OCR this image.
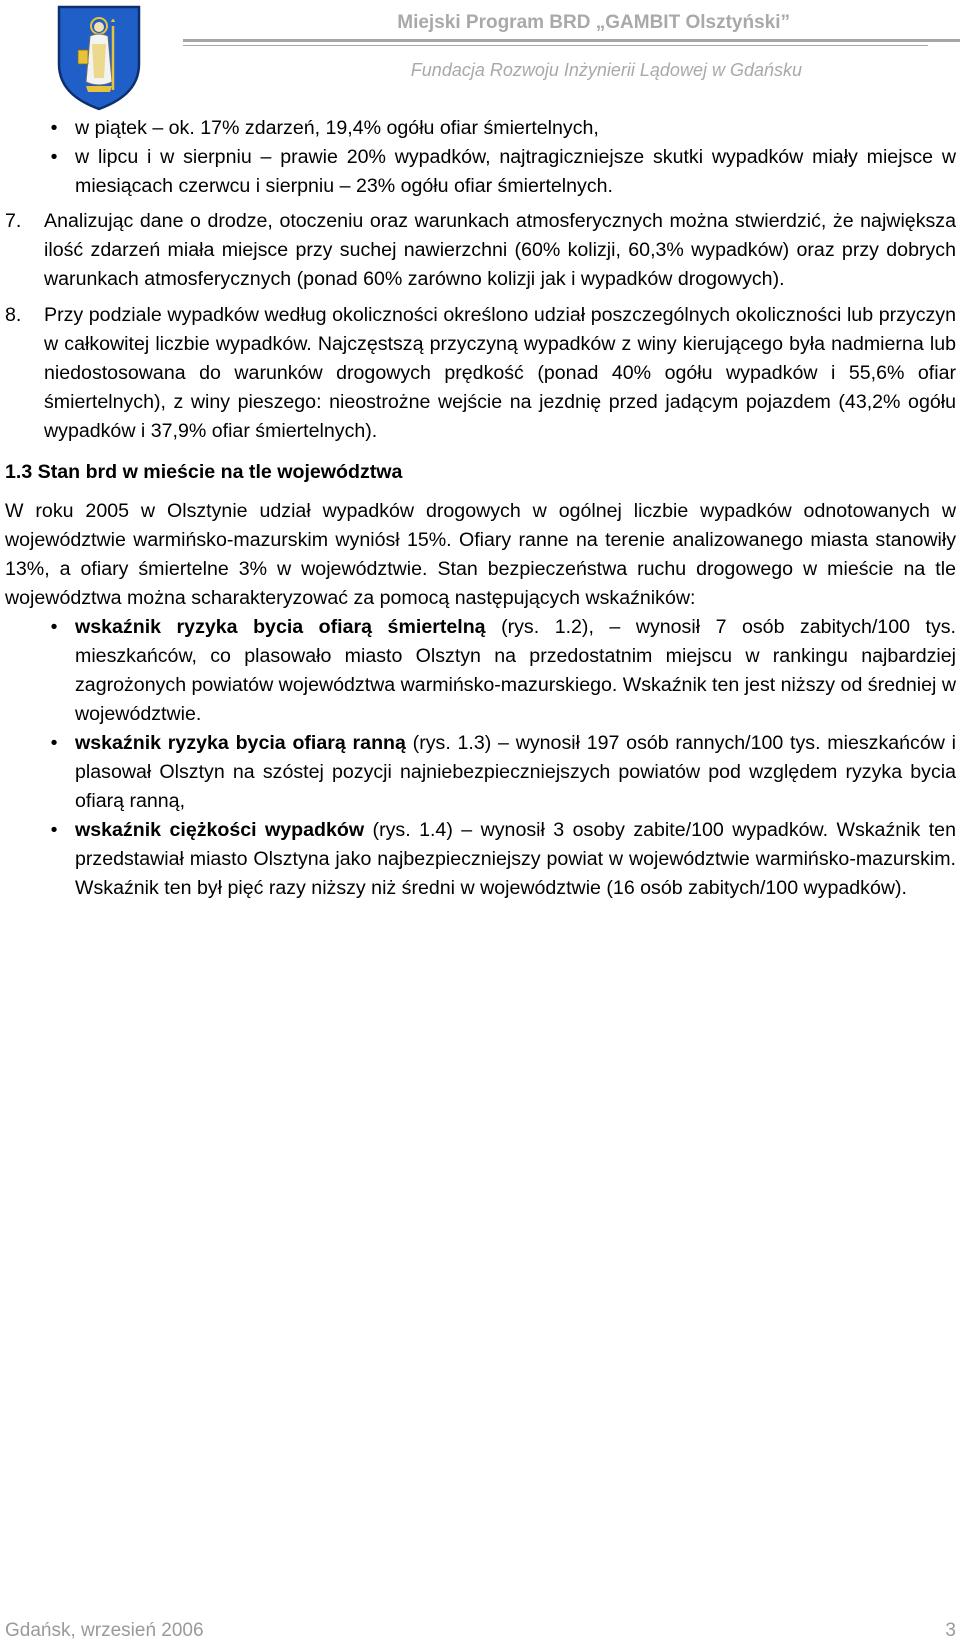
Miejski Program BRD „GAMBIT Olsztyński”
Fundacja Rozwoju Inżynierii Lądowej w Gdańsku
• w piątek – ok. 17% zdarzeń, 19,4% ogółu ofiar śmiertelnych,
• w lipcu i w sierpniu – prawie 20% wypadków, najtragiczniejsze skutki wypadków miały miejsce w miesiącach czerwcu i sierpniu – 23% ogółu ofiar śmiertelnych.
7. Analizując dane o drodze, otoczeniu oraz warunkach atmosferycznych można stwierdzić, że największa ilość zdarzeń miała miejsce przy suchej nawierzchni (60% kolizji, 60,3% wypadków) oraz przy dobrych warunkach atmosferycznych (ponad 60% zarówno kolizji jak i wypadków drogowych).
8. Przy podziale wypadków według okoliczności określono udział poszczególnych okoliczności lub przyczyn w całkowitej liczbie wypadków. Najczęstszą przyczyną wypadków z winy kierującego była nadmierna lub niedostosowana do warunków drogowych prędkość (ponad 40% ogółu wypadków i 55,6% ofiar śmiertelnych), z winy pieszego: nieostrożne wejście na jezdnię przed jadącym pojazdem (43,2% ogółu wypadków i 37,9% ofiar śmiertelnych).
1.3 Stan brd w mieście na tle województwa

W roku 2005 w Olsztynie udział wypadków drogowych w ogólnej liczbie wypadków odnotowanych w województwie warmińsko-mazurskim wyniósł 15%. Ofiary ranne na terenie analizowanego miasta stanowiły 13%, a ofiary śmiertelne 3% w województwie. Stan bezpieczeństwa ruchu drogowego w mieście na tle województwa można scharakteryzować za pomocą następujących wskaźników:

• wskaźnik ryzyka bycia ofiarą śmiertelną (rys. 1.2), – wynosił 7 osób zabitych/100 tys. mieszkańców, co plasowało miasto Olsztyn na przedostatnim miejscu w rankingu najbardziej zagrożonych powiatów województwa warmińsko-mazurskiego. Wskaźnik ten jest niższy od średniej w województwie.
• wskaźnik ryzyka bycia ofiarą ranną (rys. 1.3) – wynosił 197 osób rannych/100 tys. mieszkańców i plasował Olsztyn na szóstej pozycji najniebezpieczniejszych powiatów pod względem ryzyka bycia ofiarą ranną,
• wskaźnik ciężkości wypadków (rys. 1.4) – wynosił 3 osoby zabite/100 wypadków. Wskaźnik ten przedstawiał miasto Olsztyna jako najbezpieczniejszy powiat w województwie warmińsko-mazurskim. Wskaźnik ten był pięć razy niższy niż średni w województwie (16 osób zabitych/100 wypadków).
Gdańsk, wrzesień 2006	3
